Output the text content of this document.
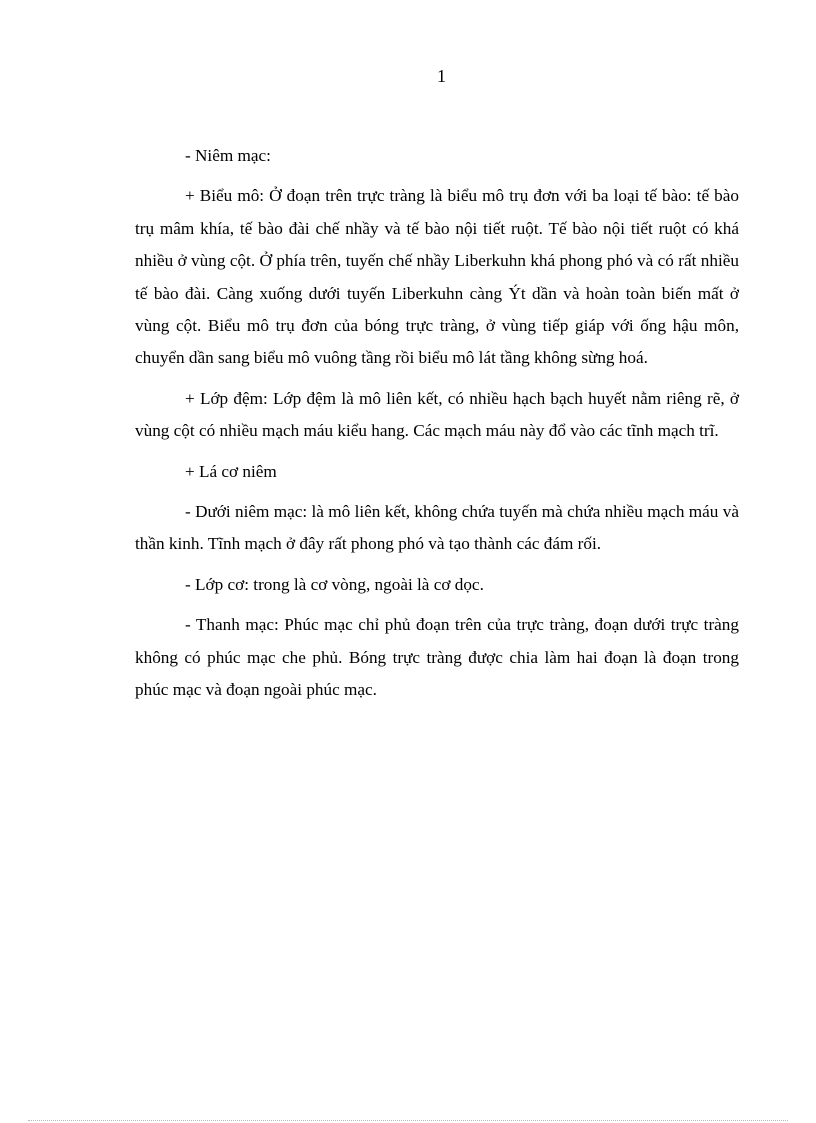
1

- Niêm mạc:

+ Biểu mô: Ở đoạn trên trực tràng là biểu mô trụ đơn với ba loại tế bào: tế bào trụ mâm khía, tế bào đài chế nhầy và tế bào nội tiết ruột. Tế bào nội tiết ruột có khá nhiều ở vùng cột. Ở phía trên, tuyến chế nhầy Liberkuhn khá phong phó và có rất nhiều tế bào đài. Càng xuống dưới tuyến Liberkuhn càng Ýt dần và hoàn toàn biến mất ở vùng cột. Biểu mô trụ đơn của bóng trực tràng, ở vùng tiếp giáp với ống hậu môn, chuyển dần sang biểu mô vuông tầng rồi biểu mô lát tầng không sừng hoá.

+ Lớp đệm: Lớp đệm là mô liên kết, có nhiều hạch bạch huyết nằm riêng rẽ, ở vùng cột có nhiều mạch máu kiểu hang. Các mạch máu này đổ vào các tĩnh mạch trĩ.

+ Lá cơ niêm

- Dưới niêm mạc: là mô liên kết, không chứa tuyến mà chứa nhiều mạch máu và thần kinh. Tĩnh mạch ở đây rất phong phó và tạo thành các đám rối.

- Lớp cơ: trong là cơ vòng, ngoài là cơ dọc.

- Thanh mạc: Phúc mạc chỉ phủ đoạn trên của trực tràng, đoạn dưới trực tràng không có phúc mạc che phủ. Bóng trực tràng được chia làm hai đoạn là đoạn trong phúc mạc và đoạn ngoài phúc mạc.
